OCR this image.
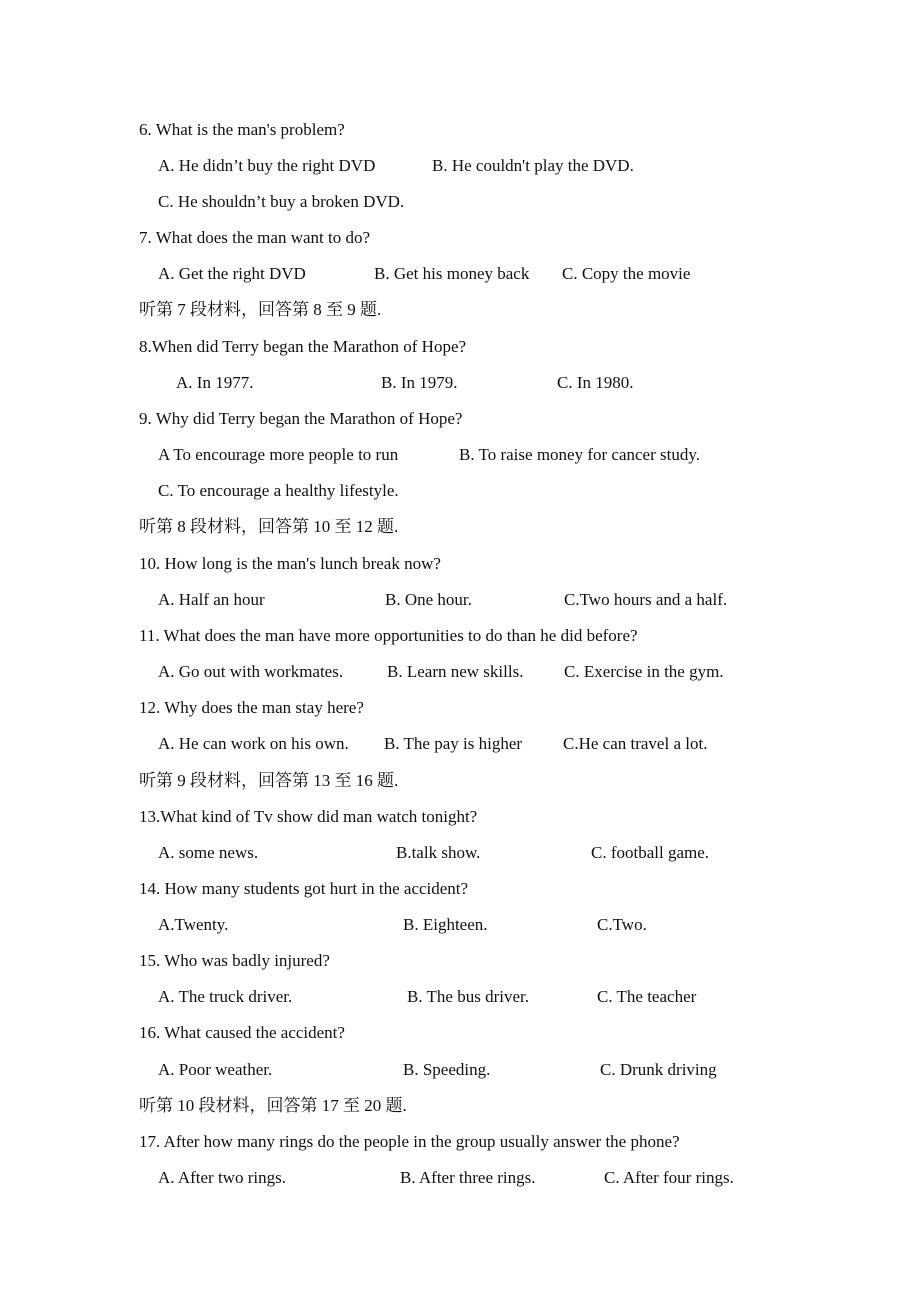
6. What is the man's problem?
A. He didn’t buy the right DVD	B. He couldn't play the DVD.
C. He shouldn’t buy a broken DVD.
7. What does the man want to do?
A. Get the right DVD	B. Get his money back C. Copy the movie
听第 7 段材料，回答第 8 至 9 题.
8.When did Terry began the Marathon of Hope?
A. In 1977.	B. In 1979.	C. In 1980.
9. Why did Terry began the Marathon of Hope?
A To encourage more people to run	B. To raise money for cancer study.
C. To encourage a healthy lifestyle.
听第 8 段材料，回答第 10 至 12 题.
10. How long is the man's lunch break now?
A. Half an hour	B. One hour.	C.Two hours and a half.
11. What does the man have more opportunities to do than he did before?
A. Go out with workmates.	B. Learn new skills. C. Exercise in the gym.
12. Why does the man stay here?
A. He can work on his own. B. The pay is higher C.He can travel a lot.
听第 9 段材料，回答第 13 至 16 题.
13.What kind of Tv show did man watch tonight?
A. some news.	B.talk show.	C. football game.
14. How many students got hurt in the accident?
A.Twenty.	B. Eighteen.	C.Two.
15. Who was badly injured?
A. The truck driver.	B. The bus driver.	C. The teacher
16. What caused the accident?
A. Poor weather.	B. Speeding.	C. Drunk driving
听第 10 段材料，回答第 17 至 20 题.
17. After how many rings do the people in the group usually answer the phone?
A. After two rings.	B. After three rings.	C. After four rings.
